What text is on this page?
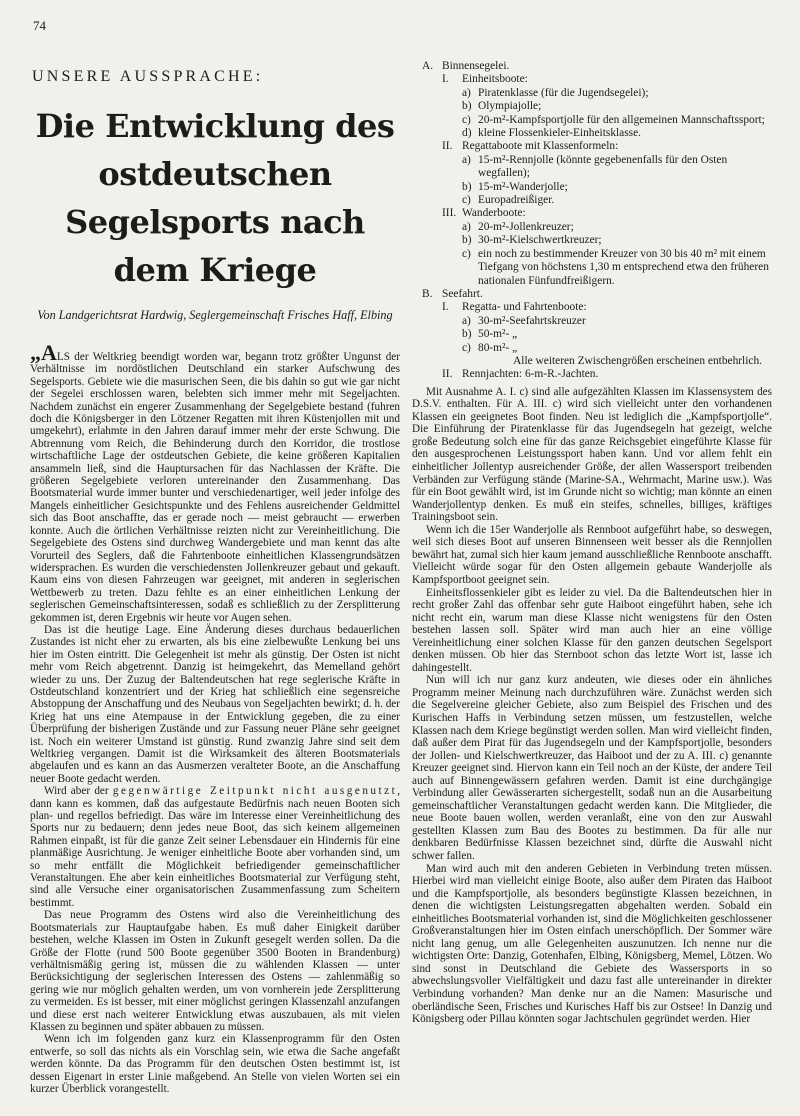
74
UNSERE AUSSPRACHE:
Die Entwicklung des ostdeutschen
Segelsports nach dem Kriege
Von Landgerichtsrat Hardwig, Seglergemeinschaft Frisches Haff, Elbing

„ALS der Weltkrieg beendigt worden war, begann trotz größter Ungunst der Verhältnisse im nordöstlichen Deutschland ein starker Aufschwung des Segelsports. Gebiete wie die masurischen Seen, die bis dahin so gut wie gar nicht der Segelei erschlossen waren, belebten sich immer mehr mit Segeljachten. Nachdem zunächst ein engerer Zusammenhang der Segelgebiete bestand (fuhren doch die Königsberger in den Lötzener Regatten mit ihren Küstenjollen mit und umgekehrt), erlahmte in den Jahren darauf immer mehr der erste Schwung. Die Abtrennung vom Reich, die Behinderung durch den Korridor, die trostlose wirtschaftliche Lage der ostdeutschen Gebiete, die keine größeren Kapitalien ansammeln ließ, sind die Hauptursachen für das Nachlassen der Kräfte. Die größeren Segelgebiete verloren untereinander den Zusammenhang. Das Bootsmaterial wurde immer bunter und verschiedenartiger, weil jeder infolge des Mangels einheitlicher Gesichtspunkte und des Fehlens ausreichender Geldmittel sich das Boot anschaffte, das er gerade noch — meist gebraucht — erwerben konnte. Auch die örtlichen Verhältnisse reizten nicht zur Vereinheitlichung. Die Segelgebiete des Ostens sind durchweg Wandergebiete und man kennt das alte Vorurteil des Seglers, daß die Fahrtenboote einheitlichen Klassengrundsätzen widersprachen. Es wurden die verschiedensten Jollenkreuzer gebaut und gekauft. Kaum eins von diesen Fahrzeugen war geeignet, mit anderen in seglerischen Wettbewerb zu treten. Dazu fehlte es an einer einheitlichen Lenkung der seglerischen Gemeinschaftsinteressen, sodaß es schließlich zu der Zersplitterung gekommen ist, deren Ergebnis wir heute vor Augen sehen.

Das ist die heutige Lage. Eine Änderung dieses durchaus bedauerlichen Zustandes ist nicht eher zu erwarten, als bis eine zielbewußte Lenkung bei uns hier im Osten eintritt. Die Gelegenheit ist mehr als günstig. Der Osten ist nicht mehr vom Reich abgetrennt. Danzig ist heimgekehrt, das Memelland gehört wieder zu uns. Der Zuzug der Baltendeutschen hat rege seglerische Kräfte in Ostdeutschland konzentriert und der Krieg hat schließlich eine segensreiche Abstoppung der Anschaffung und des Neubaus von Segeljachten bewirkt; d. h. der Krieg hat uns eine Atempause in der Entwicklung gegeben, die zu einer Überprüfung der bisherigen Zustände und zur Fassung neuer Pläne sehr geeignet ist. Noch ein weiterer Umstand ist günstig. Rund zwanzig Jahre sind seit dem Weltkrieg vergangen. Damit ist die Wirksamkeit des älteren Bootsmaterials abgelaufen und es kann an das Ausmerzen veralteter Boote, an die Anschaffung neuer Boote gedacht werden.

Wird aber der gegenwärtige Zeitpunkt nicht ausgenutzt, dann kann es kommen, daß das aufgestaute Bedürfnis nach neuen Booten sich plan- und regellos befriedigt. Das wäre im Interesse einer Vereinheitlichung des Sports nur zu bedauern; denn jedes neue Boot, das sich keinem allgemeinen Rahmen einpaßt, ist für die ganze Zeit seiner Lebensdauer ein Hindernis für eine planmäßige Ausrichtung. Je weniger einheitliche Boote aber vorhanden sind, um so mehr entfällt die Möglichkeit befriedigender gemeinschaftlicher Veranstaltungen. Ehe aber kein einheitliches Bootsmaterial zur Verfügung steht, sind alle Versuche einer organisatorischen Zusammenfassung zum Scheitern bestimmt.

Das neue Programm des Ostens wird also die Vereinheitlichung des Bootsmaterials zur Hauptaufgabe haben. Es muß daher Einigkeit darüber bestehen, welche Klassen im Osten in Zukunft gesegelt werden sollen. Da die Größe der Flotte (rund 500 Boote gegenüber 3500 Booten in Brandenburg) verhältnismäßig gering ist, müssen die zu wählenden Klassen — unter Berücksichtigung der seglerischen Interessen des Ostens — zahlenmäßig so gering wie nur möglich gehalten werden, um von vornherein jede Zersplitterung zu vermeiden. Es ist besser, mit einer möglichst geringen Klassenzahl anzufangen und diese erst nach weiterer Entwicklung etwas auszubauen, als mit vielen Klassen zu beginnen und später abbauen zu müssen.

Wenn ich im folgenden ganz kurz ein Klassenprogramm für den Osten entwerfe, so soll das nichts als ein Vorschlag sein, wie etwa die Sache angefaßt werden könnte. Da das Programm für den deutschen Osten bestimmt ist, ist dessen Eigenart in erster Linie maßgebend. An Stelle von vielen Worten sei ein kurzer Überblick vorangestellt.

A. Binnensegelei.
I.	Einheitsboote:
a) Piratenklasse (für die Jugendsegelei);
b) Olympiajolle;
c) 20-m²-Kampfsportjolle für den allgemeinen Mannschaftssport;
d) kleine Flossenkieler-Einheitsklasse.
II. Regattaboote mit Klassenformeln:
a) 15-m²-Rennjolle (könnte gegebenenfalls für den Osten wegfallen);
b) 15-m²-Wanderjolle;
c) Europadreißiger.
III. Wanderboote:
a) 20-m²-Jollenkreuzer;
b) 30-m²-Kielschwertkreuzer;
c) ein noch zu bestimmender Kreuzer von 30 bis 40 m² mit einem Tiefgang von höchstens 1,30 m entsprechend etwa den früheren nationalen Fünfundfreißigern.
B. Seefahrt.
I.	Regatta- und Fahrtenboote:
a) 30-m²-Seefahrtskreuzer
b) 50-m²- „
c) 80-m²- „
Alle weiteren Zwischengrößen erscheinen entbehrlich.
II. Rennjachten: 6-m-R.-Jachten.

Mit Ausnahme A. I. c) sind alle aufgezählten Klassen im Klassensystem des D.S.V. enthalten. Für A. III. c) wird sich vielleicht unter den vorhandenen Klassen ein geeignetes Boot finden. Neu ist lediglich die „Kampfsportjolle“. Die Einführung der Piratenklasse für das Jugendsegeln hat gezeigt, welche große Bedeutung solch eine für das ganze Reichsgebiet eingeführte Klasse für den ausgesprochenen Leistungssport haben kann. Und vor allem fehlt ein einheitlicher Jollentyp ausreichender Größe, der allen Wassersport treibenden Verbänden zur Verfügung stände (Marine-SA., Wehrmacht, Marine usw.). Was für ein Boot gewählt wird, ist im Grunde nicht so wichtig; man könnte an einen Wanderjollentyp denken. Es muß ein steifes, schnelles, billiges, kräftiges Trainingsboot sein.

Wenn ich die 15er Wanderjolle als Rennboot aufgeführt habe, so deswegen, weil sich dieses Boot auf unseren Binnenseen weit besser als die Rennjollen bewährt hat, zumal sich hier kaum jemand ausschließliche Rennboote anschafft. Vielleicht würde sogar für den Osten allgemein gebaute Wanderjolle als Kampfsportboot geeignet sein.

Einheitsflossenkieler gibt es leider zu viel. Da die Baltendeutschen hier in recht großer Zahl das offenbar sehr gute Haiboot eingeführt haben, sehe ich nicht recht ein, warum man diese Klasse nicht wenigstens für den Osten bestehen lassen soll. Später wird man auch hier an eine völlige Vereinheitlichung einer solchen Klasse für den ganzen deutschen Segelsport denken müssen. Ob hier das Sternboot schon das letzte Wort ist, lasse ich dahingestellt.

Nun will ich nur ganz kurz andeuten, wie dieses oder ein ähnliches Programm meiner Meinung nach durchzuführen wäre. Zunächst werden sich die Segelvereine gleicher Gebiete, also zum Beispiel des Frischen und des Kurischen Haffs in Verbindung setzen müssen, um festzustellen, welche Klassen nach dem Kriege begünstigt werden sollen. Man wird vielleicht finden, daß außer dem Pirat für das Jugendsegeln und der Kampfsportjolle, besonders der Jollen- und Kielschwertkreuzer, das Haiboot und der zu A. III. c) genannte Kreuzer geeignet sind. Hiervon kann ein Teil noch an der Küste, der andere Teil auch auf Binnengewässern gefahren werden. Damit ist eine durchgängige Verbindung aller Gewässerarten sichergestellt, sodaß nun an die Ausarbeitung gemeinschaftlicher Veranstaltungen gedacht werden kann. Die Mitglieder, die neue Boote bauen wollen, werden veranlaßt, eine von den zur Auswahl gestellten Klassen zum Bau des Bootes zu bestimmen. Da für alle nur denkbaren Bedürfnisse Klassen bezeichnet sind, dürfte die Auswahl nicht schwer fallen.

Man wird auch mit den anderen Gebieten in Verbindung treten müssen. Hierbei wird man vielleicht einige Boote, also außer dem Piraten das Haiboot und die Kampfsportjolle, als besonders begünstigte Klassen bezeichnen, in denen die wichtigsten Leistungsregatten abgehalten werden. Sobald ein einheitliches Bootsmaterial vorhanden ist, sind die Möglichkeiten geschlossener Großveranstaltungen hier im Osten einfach unerschöpflich. Der Sommer wäre nicht lang genug, um alle Gelegenheiten auszunutzen. Ich nenne nur die wichtigsten Orte: Danzig, Gotenhafen, Elbing, Königsberg, Memel, Lötzen. Wo sind sonst in Deutschland die Gebiete des Wassersports in so abwechslungsvoller Vielfältigkeit und dazu fast alle untereinander in direkter Verbindung vorhanden? Man denke nur an die Namen: Masurische und oberländische Seen, Frisches und Kurisches Haff bis zur Ostsee! In Danzig und Königsberg oder Pillau könnten sogar Jachtschulen gegründet werden. Hier
